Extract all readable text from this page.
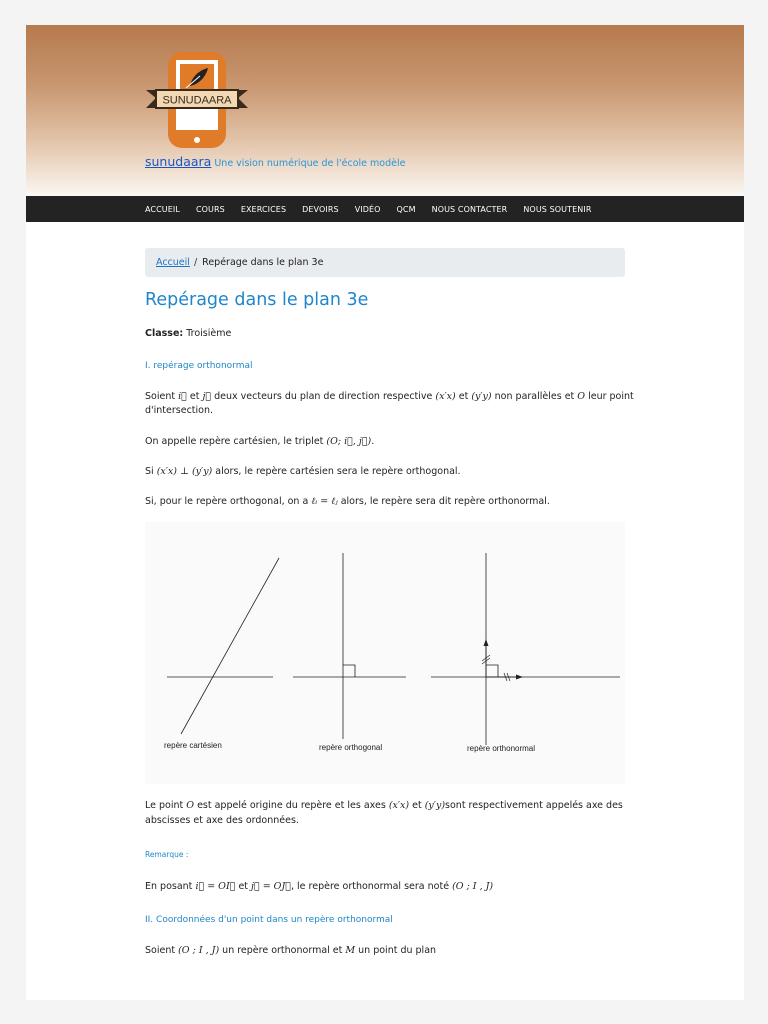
SUNUDAARA
sunudaara Une vision numérique de l'école modèle
ACCUEIL COURS EXERCICES DEVOIRS VIDÉO QCM NOUS CONTACTER NOUS SOUTENIR
Accueil / Repérage dans le plan 3e
Repérage dans le plan 3e
Classe: Troisième
I. repérage orthonormal
Soient i⃗ et j⃗ deux vecteurs du plan de direction respective (x′x) et (y′y) non parallèles et O leur point
d'intersection.
On appelle repère cartésien, le triplet (O; i⃗, j⃗).
Si (x′x) ⊥ (y′y) alors, le repère cartésien sera le repère orthogonal.
Si, pour le repère orthogonal, on a ℓᵢ = ℓⱼ alors, le repère sera dit repère orthonormal.
repère cartésien	repère orthogonal	repère orthonormal
Le point O est appelé origine du repère et les axes (x′x) et (y′y)sont respectivement appelés axe des
abscisses et axe des ordonnées.
Remarque :
En posant i⃗ = OI⃗ et j⃗ = OJ⃗, le repère orthonormal sera noté (O ; I , J)
II. Coordonnées d'un point dans un repère orthonormal
Soient (O ; I , J) un repère orthonormal et M un point du plan
